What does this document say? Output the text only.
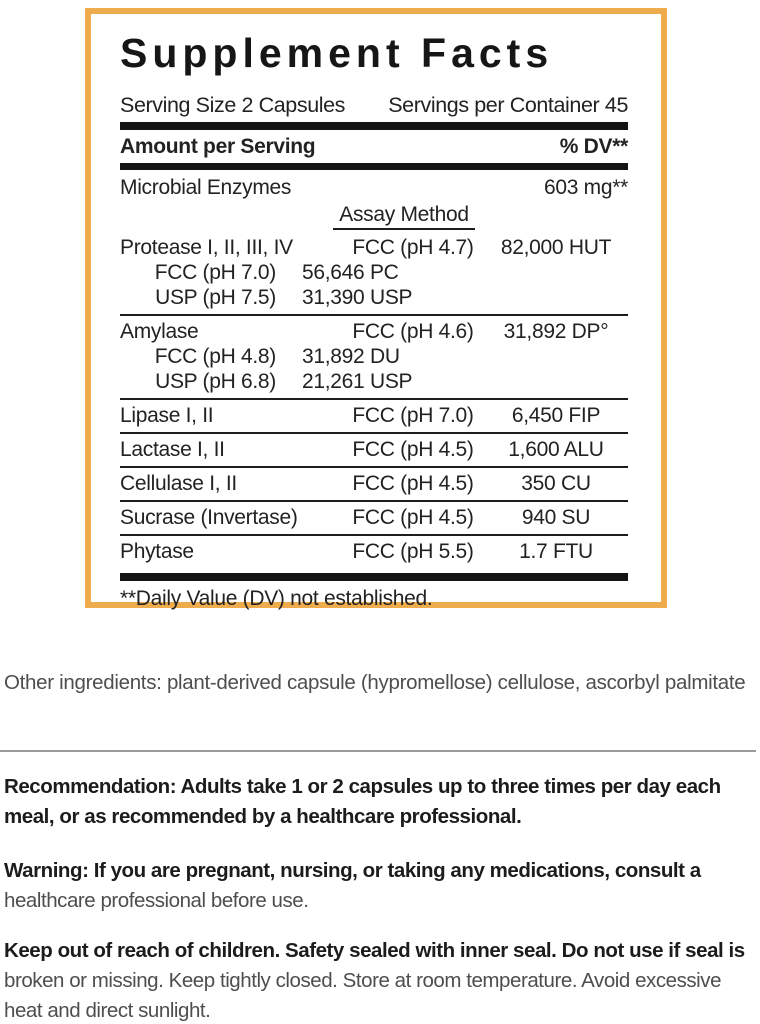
Supplement Facts
Serving Size 2 Capsules Servings per Container 45
Amount per Serving	% DV**
Microbial Enzymes	603 mg**
Assay Method
Protease I, II, III, IV	FCC (pH 4.7)	82,000 HUT
FCC (pH 7.0) 56,646 PC
USP (pH 7.5) 31,390 USP
Amylase	FCC (pH 4.6)	31,892 DP°
FCC (pH 4.8) 31,892 DU
USP (pH 6.8) 21,261 USP
Lipase I, II	FCC (pH 7.0)	6,450 FIP
Lactase I, II	FCC (pH 4.5)	1,600 ALU
Cellulase I, II	FCC (pH 4.5)	350 CU
Sucrase (Invertase)	FCC (pH 4.5)	940 SU
Phytase	FCC (pH 5.5)	1.7 FTU
**Daily Value (DV) not established.
Other ingredients: plant-derived capsule (hypromellose) cellulose, ascorbyl palmitate
Recommendation: Adults take 1 or 2 capsules up to three times per day each meal, or as recommended by a healthcare professional.
Warning: If you are pregnant, nursing, or taking any medications, consult a
healthcare professional before use.
Keep out of reach of children. Safety sealed with inner seal. Do not use if seal is
broken or missing. Keep tightly closed. Store at room temperature. Avoid excessive heat and direct sunlight.
